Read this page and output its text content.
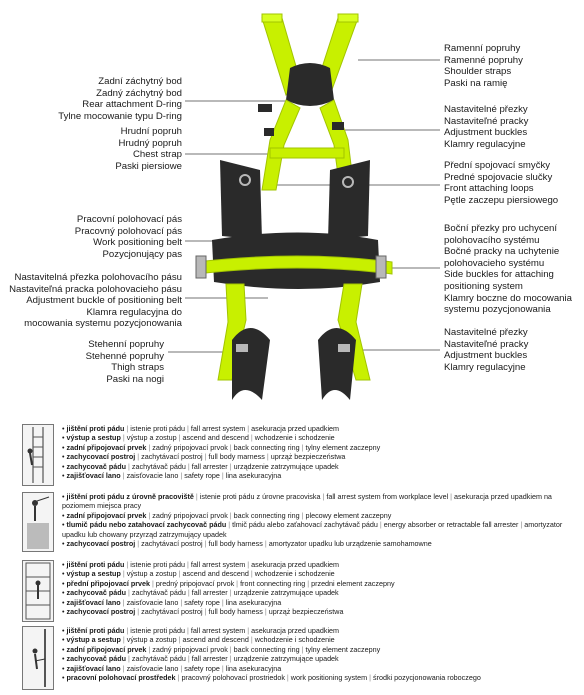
Zadní záchytný bod
Zadný záchytný bod
Rear attachment D-ring
Tylne mocowanie typu D-ring
Hrudní popruh
Hrudný popruh
Chest strap
Paski piersiowe
Pracovní polohovací pás
Pracovný polohovací pás
Work positioning belt
Pozycjonujący pas
Nastavitelná přezka polohovacího pásu
Nastaviteľná pracka polohovacieho pásu
Adjustment buckle of positioning belt
Klamra regulacyjna do
mocowania systemu pozycjonowania
Stehenní popruhy
Stehenné popruhy
Thigh straps
Paski na nogi
Ramenní popruhy
Ramenné popruhy
Shoulder straps
Paski na ramię
Nastavitelné přezky
Nastaviteľné pracky
Adjustment buckles
Klamry regulacyjne
Přední spojovací smyčky
Predné spojovacie slučky
Front attaching loops
Pętle zaczepu piersiowego
Boční přezky pro uchycení
polohovacího systému
Bočné pracky na uchytenie
polohovacieho systému
Side buckles for attaching
positioning system
Klamry boczne do mocowania
systemu pozycjonowania
Nastavitelné přezky
Nastaviteľné pracky
Adjustment buckles
Klamry regulacyjne
• jištění proti pádu | istenie proti pádu | fall arrest system | asekuracja przed upadkiem
• výstup a sestup | výstup a zostup | ascend and descend | wchodzenie i schodzenie
• zadní připojovací prvek | zadný pripojovací prvok | back connecting ring | tylny element zaczepny
• zachycovací postroj | zachytávací postroj | full body marness | uprząż bezpieczeństwa
• zachycovač pádu | zachytávač pádu | fall arrester | urządzenie zatrzymujące upadek
• zajišťovací lano | zaisťovacie lano | safety rope | lina asekuracyjna
• jištění proti pádu z úrovně pracoviště | istenie proti pádu z úrovne pracoviska | fall arrest system from workplace level | asekuracja przed upadkiem na poziomem miejsca pracy
• zadní připojovací prvek | zadný pripojovací prvok | back connecting ring | plecowy element zaczepny
• tlumič pádu nebo zatahovací zachycovač pádu | tlmič pádu alebo zaťahovací zachytávač pádu | energy absorber or retractable fall arrester | amortyzator upadku lub chowany przyrząd zatrzymujący upadek
• zachycovací postroj | zachytávací postroj | full body harness | amortyzator upadku lub urządzenie samohamowne
• jištění proti pádu | istenie proti pádu | fall arrest system | asekuracja przed upadkiem
• výstup a sestup | výstup a zostup | ascend and descend | wchodzenie i schodzenie
• přední připojovací prvek | predný pripojovací prvok | front connecting ring | przedni element zaczepny
• zachycovač pádu | zachytávač pádu | fall arrester | urządzenie zatrzymujące upadek
• zajišťovací lano | zaisťovacie lano | safety rope | lina asekuracyjna
• zachycovací postroj | zachytávací postroj | full body harness | uprząż bezpieczeństwa
• jištění proti pádu | istenie proti pádu | fall arrest system | asekuracja przed upadkiem
• výstup a sestup | výstup a zostup | ascend and descend | wchodzenie i schodzenie
• zadní připojovací prvek | zadný pripojovací prvok | back connecting ring | tylny element zaczepny
• zachycovač pádu | zachytávač pádu | fall arrester | urządzenie zatrzymujące upadek
• zajišťovací lano | zaisťovacie lano | safety rope | lina asekuracyjna
• pracovní polohovací prostředek | pracovný polohovací prostriedok | work positioning system | środki pozycjonowania roboczego
